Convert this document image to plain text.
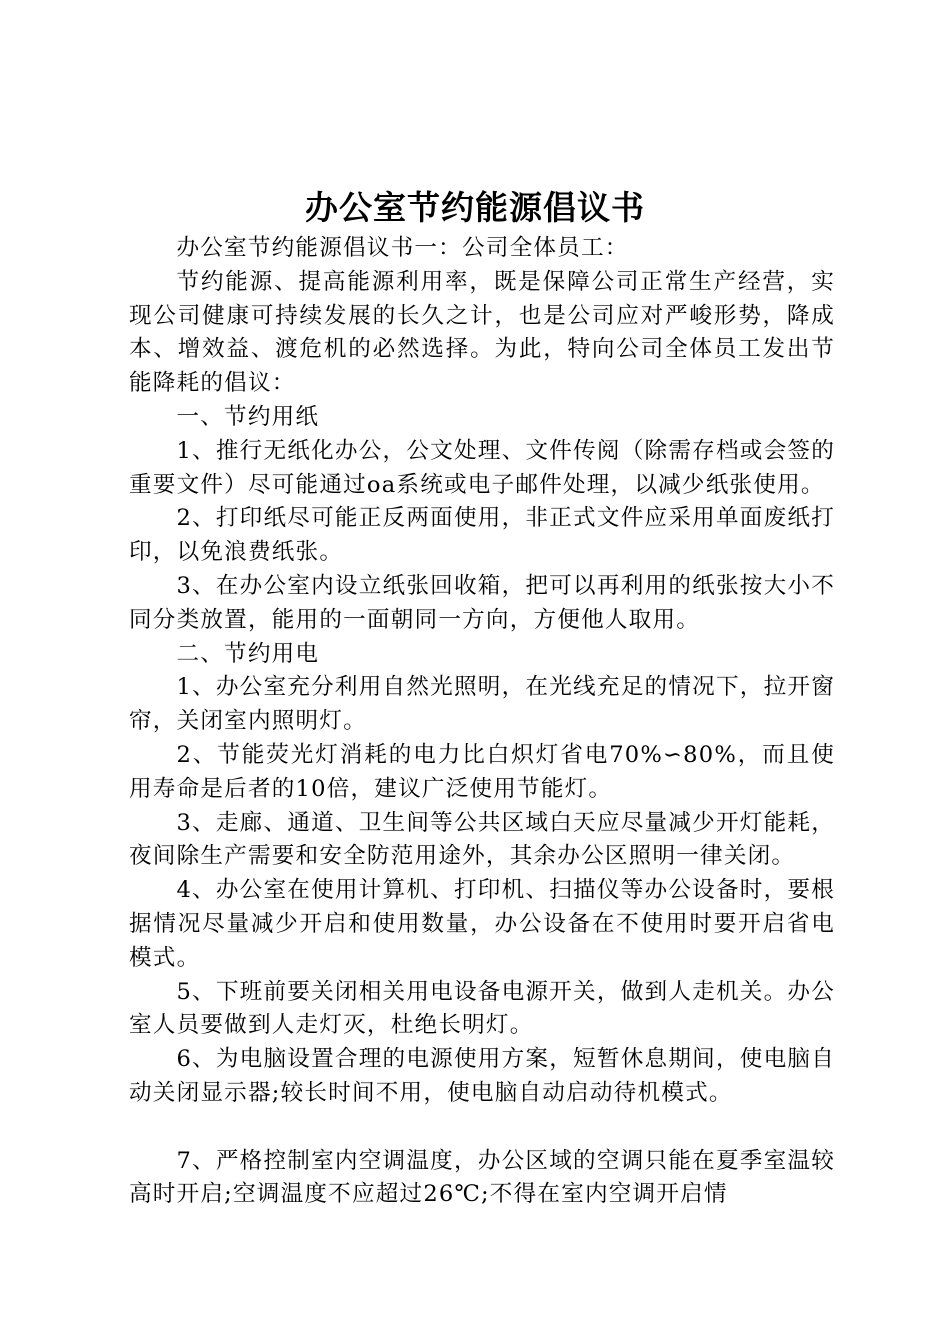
办公室节约能源倡议书

办公室节约能源倡议书一：公司全体员工：

节约能源、提高能源利用率，既是保障公司正常生产经营，实现公司健康可持续发展的长久之计，也是公司应对严峻形势，降成本、增效益、渡危机的必然选择。为此，特向公司全体员工发出节能降耗的倡议：

一、节约用纸

1、推行无纸化办公，公文处理、文件传阅（除需存档或会签的重要文件）尽可能通过oa系统或电子邮件处理，以减少纸张使用。

2、打印纸尽可能正反两面使用，非正式文件应采用单面废纸打印，以免浪费纸张。

3、在办公室内设立纸张回收箱，把可以再利用的纸张按大小不同分类放置，能用的一面朝同一方向，方便他人取用。

二、节约用电

1、办公室充分利用自然光照明，在光线充足的情况下，拉开窗帘，关闭室内照明灯。

2、节能荧光灯消耗的电力比白炽灯省电70%∽80%，而且使用寿命是后者的10倍，建议广泛使用节能灯。

3、走廊、通道、卫生间等公共区域白天应尽量减少开灯能耗，夜间除生产需要和安全防范用途外，其余办公区照明一律关闭。

4、办公室在使用计算机、打印机、扫描仪等办公设备时，要根据情况尽量减少开启和使用数量，办公设备在不使用时要开启省电模式。

5、下班前要关闭相关用电设备电源开关，做到人走机关。办公室人员要做到人走灯灭，杜绝长明灯。

6、为电脑设置合理的电源使用方案，短暂休息期间，使电脑自动关闭显示器;较长时间不用，使电脑自动启动待机模式。

7、严格控制室内空调温度，办公区域的空调只能在夏季室温较高时开启;空调温度不应超过26℃;不得在室内空调开启情
